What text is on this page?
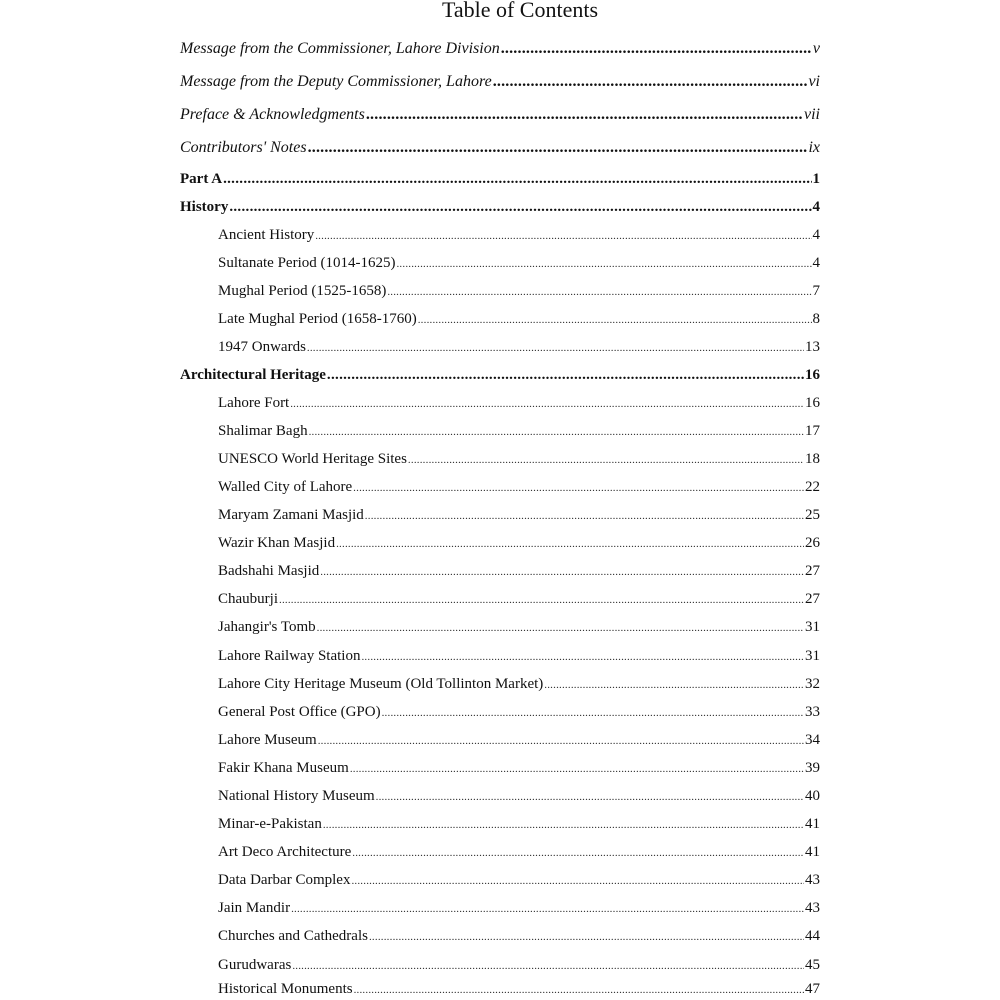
Table of Contents
Message from the Commissioner, Lahore Division .....	v
Message from the Deputy Commissioner, Lahore .....	vi
Preface & Acknowledgments .....	vii
Contributors' Notes .....	ix
Part A .....	1
History .....	4
Ancient History .....	4
Sultanate Period (1014-1625) .....	4
Mughal Period (1525-1658) .....	7
Late Mughal Period (1658-1760) .....	8
1947 Onwards .....	13
Architectural Heritage .....	16
Lahore Fort .....	16
Shalimar Bagh .....	17
UNESCO World Heritage Sites .....	18
Walled City of Lahore .....	22
Maryam Zamani Masjid .....	25
Wazir Khan Masjid .....	26
Badshahi Masjid .....	27
Chauburji .....	27
Jahangir's Tomb .....	31
Lahore Railway Station .....	31
Lahore City Heritage Museum (Old Tollinton Market) .....	32
General Post Office (GPO) .....	33
Lahore Museum .....	34
Fakir Khana Museum .....	39
National History Museum .....	40
Minar-e-Pakistan .....	41
Art Deco Architecture .....	41
Data Darbar Complex .....	43
Jain Mandir .....	43
Churches and Cathedrals .....	44
Gurudwaras .....	45
Historical Monuments .....	47
